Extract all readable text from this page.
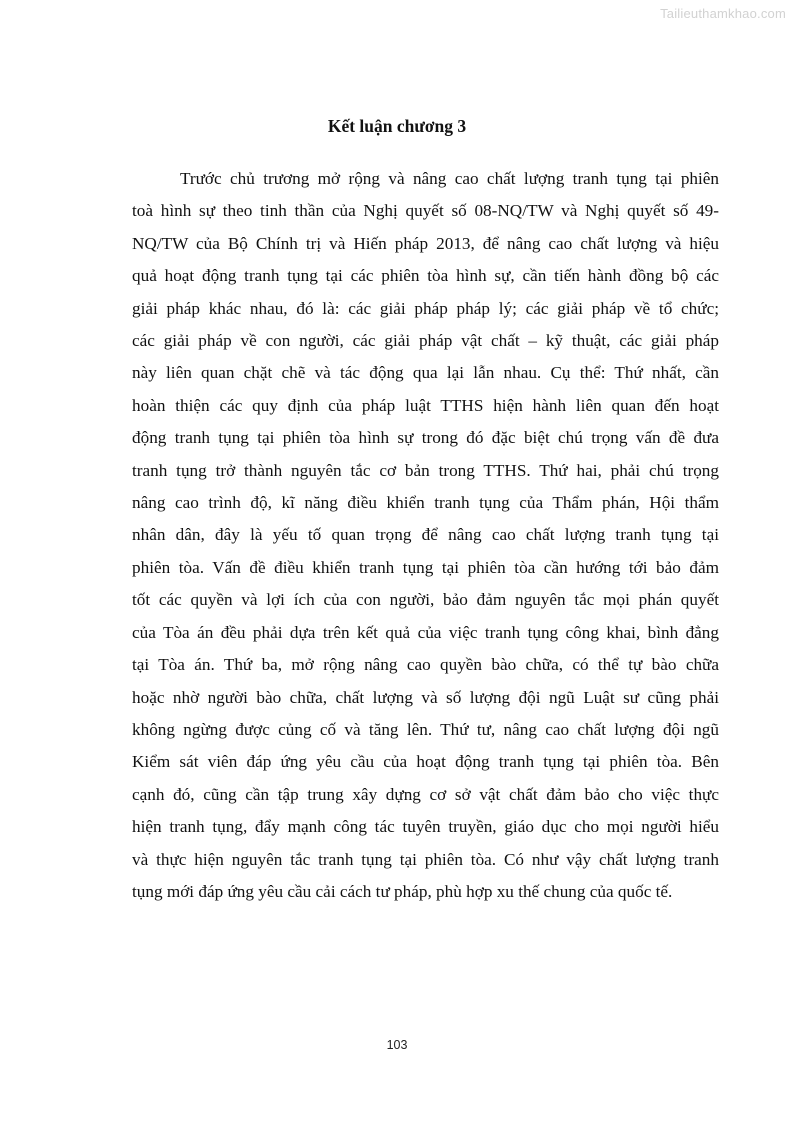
Tailieuthamkhao.com
Kết luận chương 3

Trước chủ trương mở rộng và nâng cao chất lượng tranh tụng tại phiên
toà hình sự theo tinh thần của Nghị quyết số 08-NQ/TW và Nghị quyết số 49-
NQ/TW của Bộ Chính trị và Hiến pháp 2013, để nâng cao chất lượng và hiệu
quả hoạt động tranh tụng tại các phiên tòa hình sự, cần tiến hành đồng bộ các
giải pháp khác nhau, đó là: các giải pháp pháp lý; các giải pháp về tổ chức;
các giải pháp về con người, các giải pháp vật chất – kỹ thuật, các giải pháp
này liên quan chặt chẽ và tác động qua lại lẫn nhau. Cụ thể: Thứ nhất, cần
hoàn thiện các quy định của pháp luật TTHS hiện hành liên quan đến hoạt
động tranh tụng tại phiên tòa hình sự trong đó đặc biệt chú trọng vấn đề đưa
tranh tụng trở thành nguyên tắc cơ bản trong TTHS. Thứ hai, phải chú trọng
nâng cao trình độ, kĩ năng điều khiển tranh tụng của Thẩm phán, Hội thẩm
nhân dân, đây là yếu tố quan trọng để nâng cao chất lượng tranh tụng tại
phiên tòa. Vấn đề điều khiển tranh tụng tại phiên tòa cần hướng tới bảo đảm
tốt các quyền và lợi ích của con người, bảo đảm nguyên tắc mọi phán quyết
của Tòa án đều phải dựa trên kết quả của việc tranh tụng công khai, bình đẳng
tại Tòa án. Thứ ba, mở rộng nâng cao quyền bào chữa, có thể tự bào chữa
hoặc nhờ người bào chữa, chất lượng và số lượng đội ngũ Luật sư cũng phải
không ngừng được củng cố và tăng lên. Thứ tư, nâng cao chất lượng đội ngũ
Kiểm sát viên đáp ứng yêu cầu của hoạt động tranh tụng tại phiên tòa. Bên
cạnh đó, cũng cần tập trung xây dựng cơ sở vật chất đảm bảo cho việc thực
hiện tranh tụng, đẩy mạnh công tác tuyên truyền, giáo dục cho mọi người hiểu
và thực hiện nguyên tắc tranh tụng tại phiên tòa. Có như vậy chất lượng tranh
tụng mới đáp ứng yêu cầu cải cách tư pháp, phù hợp xu thế chung của quốc tế.

103
